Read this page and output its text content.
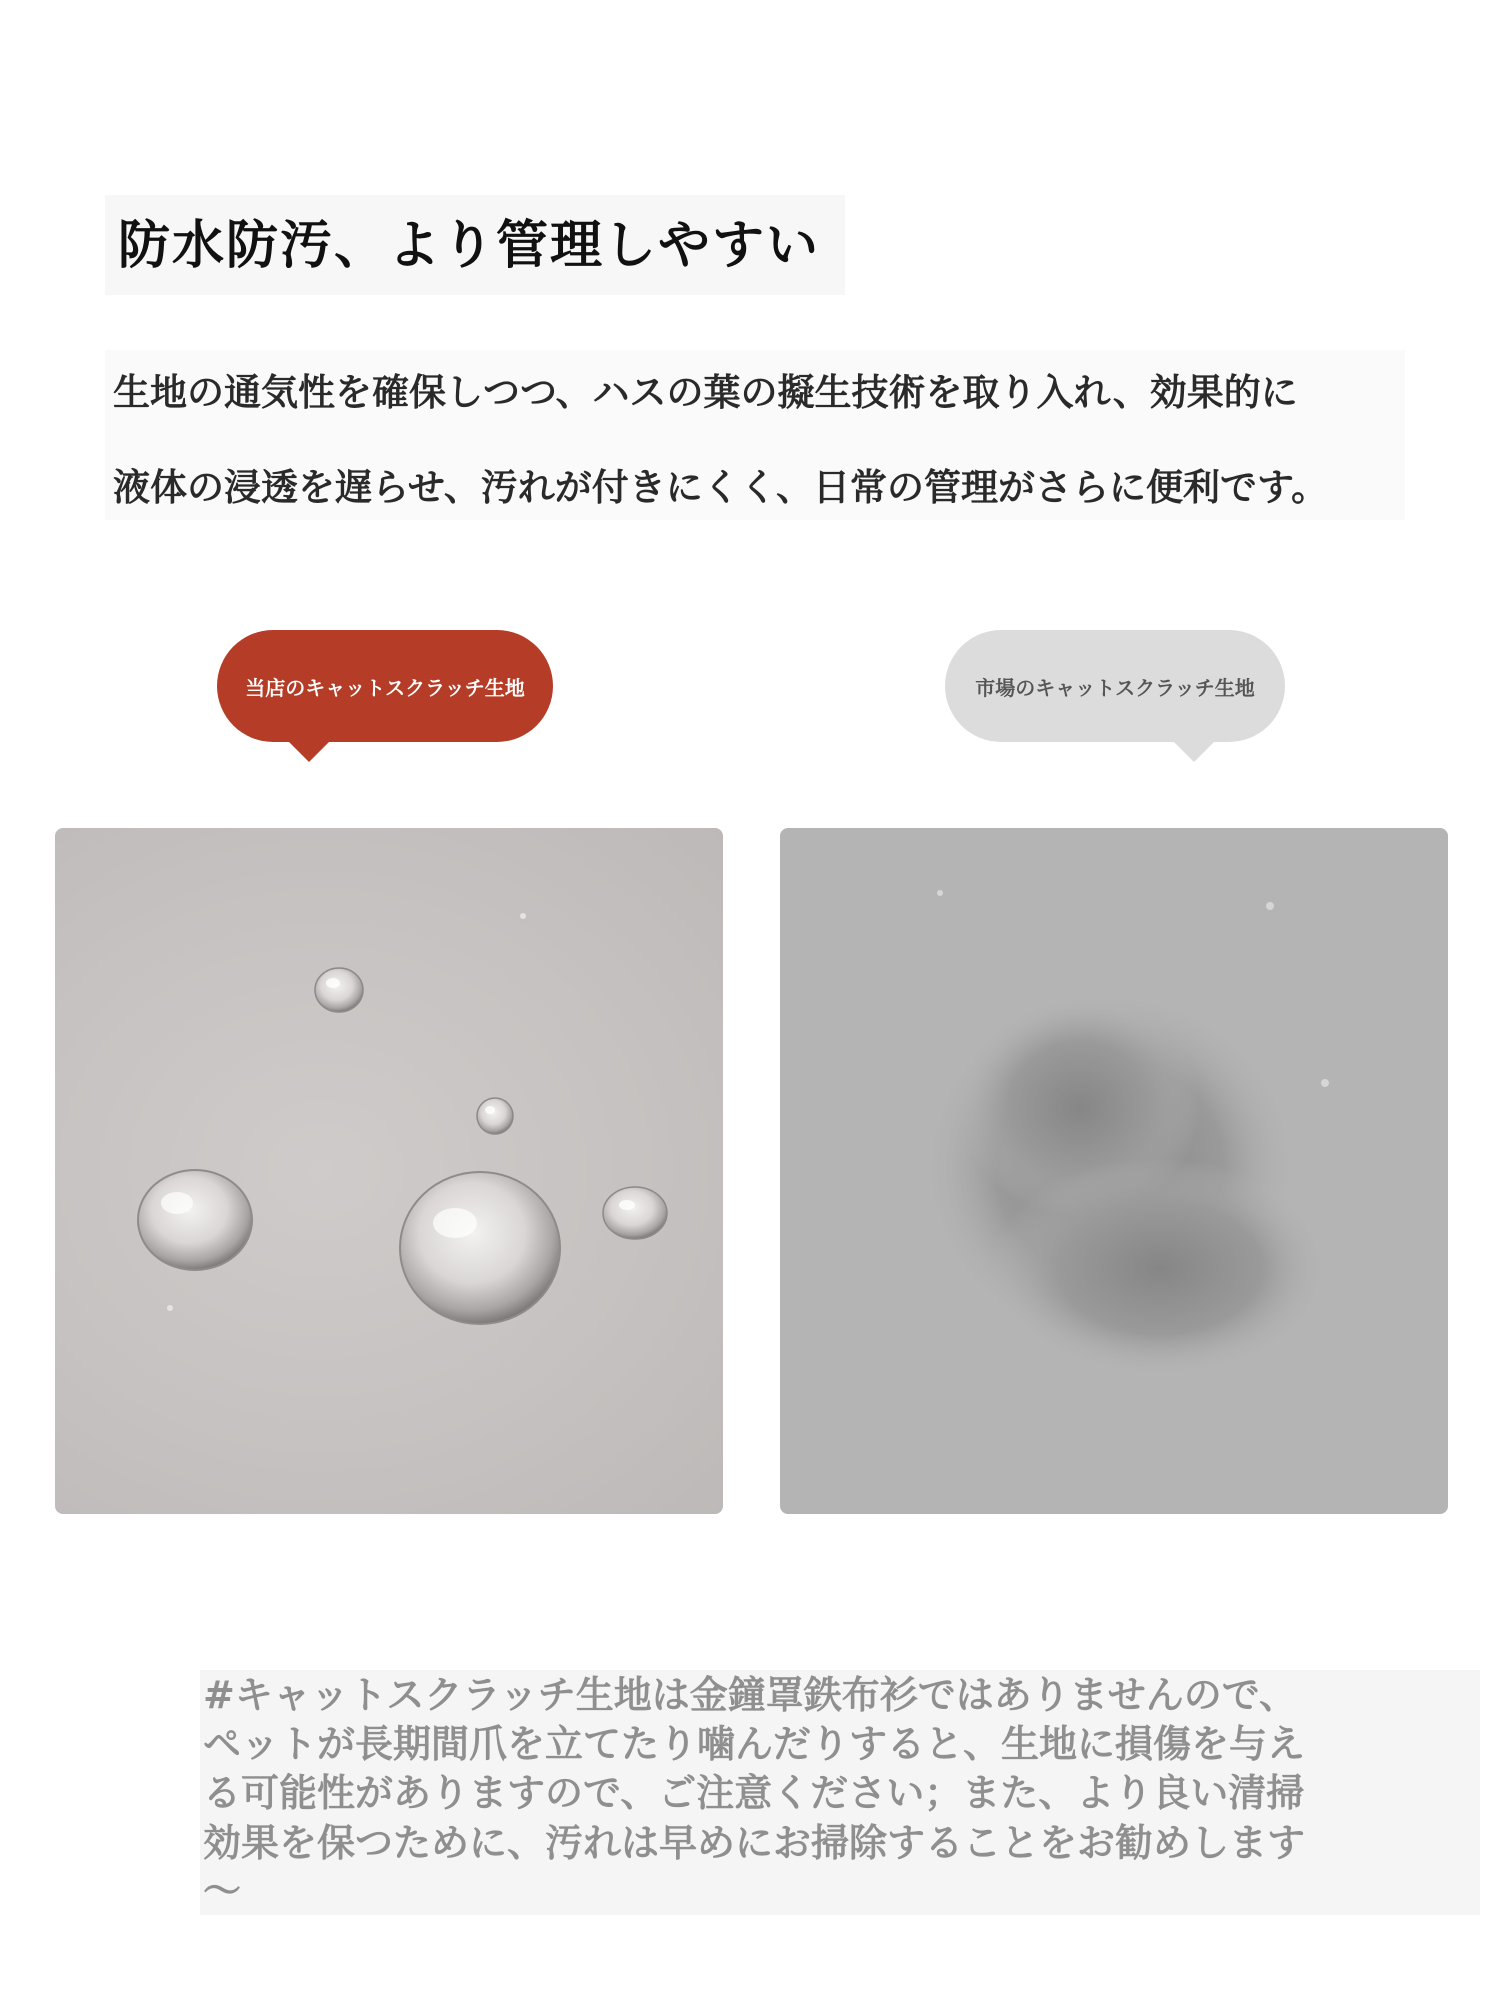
防水防汚、より管理しやすい

生地の通気性を確保しつつ、ハスの葉の擬生技術を取り入れ、効果的に

液体の浸透を遅らせ、汚れが付きにくく、日常の管理がさらに便利です。

当店のキャットスクラッチ生地	市場のキャットスクラッチ生地

#キャットスクラッチ生地は金鐘罩鉄布衫ではありませんので、

ペットが長期間爪を立てたり噛んだりすると、生地に損傷を与え

る可能性がありますので、ご注意ください；また、より良い清掃

効果を保つために、汚れは早めにお掃除することをお勧めします

〜
